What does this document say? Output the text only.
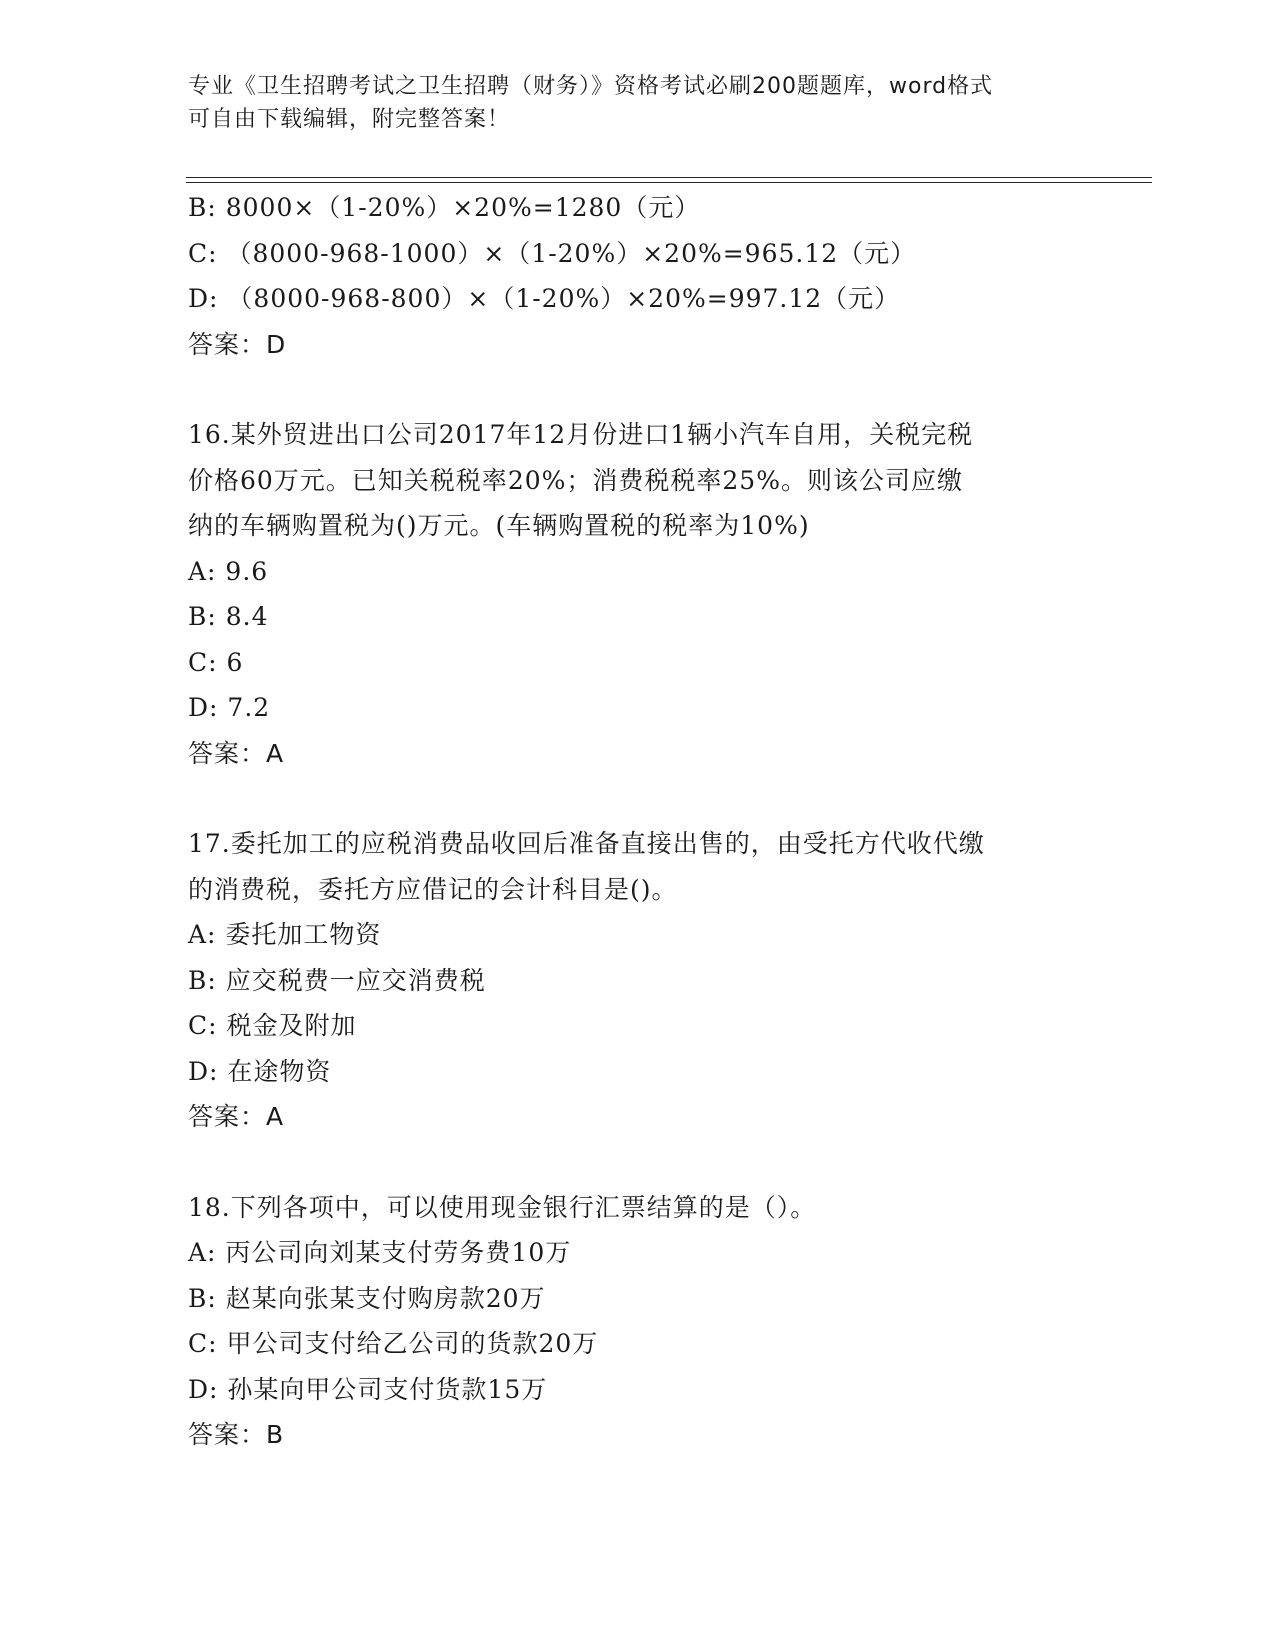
专业《卫生招聘考试之卫生招聘（财务）》资格考试必刷200题题库，word格式
可自由下载编辑，附完整答案！
B: 8000×（1-20%）×20%=1280（元）
C: （8000-968-1000）×（1-20%）×20%=965.12（元）
D: （8000-968-800）×（1-20%）×20%=997.12（元）
答案：D
16.某外贸进出口公司2017年12月份进口1辆小汽车自用，关税完税
价格60万元。已知关税税率20%；消费税税率25%。则该公司应缴
纳的车辆购置税为()万元。(车辆购置税的税率为10%)
A: 9.6
B: 8.4
C: 6
D: 7.2
答案：A
17.委托加工的应税消费品收回后准备直接出售的，由受托方代收代缴
的消费税，委托方应借记的会计科目是()。
A: 委托加工物资
B: 应交税费一应交消费税
C: 税金及附加
D: 在途物资
答案：A
18.下列各项中，可以使用现金银行汇票结算的是（）。
A: 丙公司向刘某支付劳务费10万
B: 赵某向张某支付购房款20万
C: 甲公司支付给乙公司的货款20万
D: 孙某向甲公司支付货款15万
答案：B
